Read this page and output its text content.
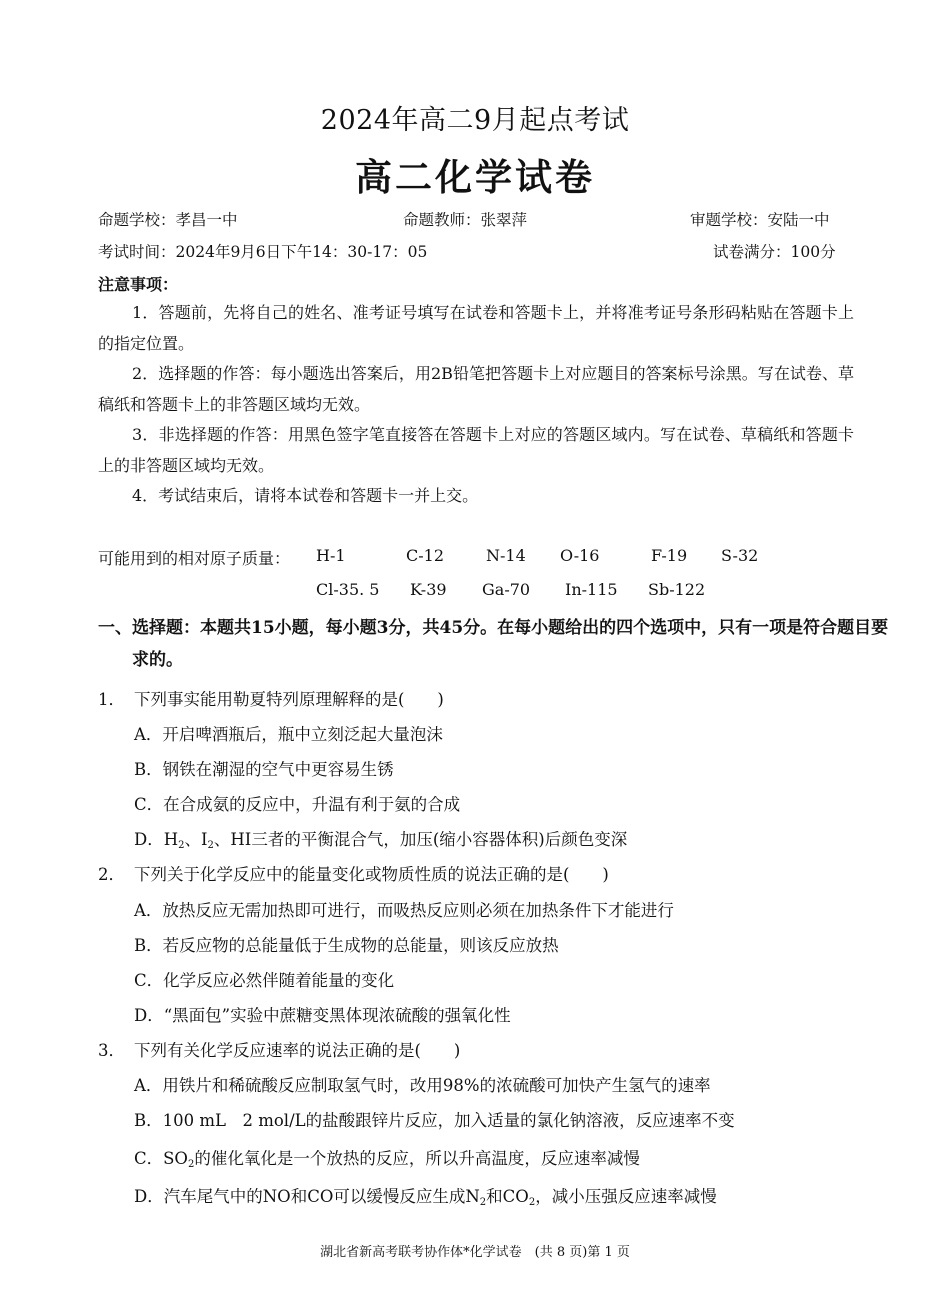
2024年高二9月起点考试
高二化学试卷
命题学校：孝昌一中	命题教师：张翠萍	审题学校：安陆一中
考试时间：2024年9月6日下午14：30-17：05	试卷满分：100分
注意事项：
1．答题前，先将自己的姓名、准考证号填写在试卷和答题卡上，并将准考证号条形码粘贴在答题卡上的指定位置。
2．选择题的作答：每小题选出答案后，用2B铅笔把答题卡上对应题目的答案标号涂黑。写在试卷、草稿纸和答题卡上的非答题区域均无效。
3．非选择题的作答：用黑色签字笔直接答在答题卡上对应的答题区域内。写在试卷、草稿纸和答题卡上的非答题区域均无效。
4．考试结束后，请将本试卷和答题卡一并上交。
可能用到的相对原子质量： H-1	C-12	N-14 O-16	F-19 S-32
Cl-35. 5 K-39 Ga-70 In-115 Sb-122
一、选择题：本题共15小题，每小题3分，共45分。在每小题给出的四个选项中，只有一项是符合题目要求的。
1． 下列事实能用勒夏特列原理解释的是(　　)
A．开启啤酒瓶后，瓶中立刻泛起大量泡沫
B．钢铁在潮湿的空气中更容易生锈
C．在合成氨的反应中，升温有利于氨的合成
D．$H_2$、$I_2$、HI三者的平衡混合气，加压(缩小容器体积)后颜色变深
2． 下列关于化学反应中的能量变化或物质性质的说法正确的是(　　)
A．放热反应无需加热即可进行，而吸热反应则必须在加热条件下才能进行
B．若反应物的总能量低于生成物的总能量，则该反应放热
C．化学反应必然伴随着能量的变化
D．“黑面包”实验中蔗糖变黑体现浓硫酸的强氧化性
3． 下列有关化学反应速率的说法正确的是(　　)
A．用铁片和稀硫酸反应制取氢气时，改用98%的浓硫酸可加快产生氢气的速率
B．100 mL　2 mol/L的盐酸跟锌片反应，加入适量的氯化钠溶液，反应速率不变
C．$SO_2$的催化氧化是一个放热的反应，所以升高温度，反应速率减慢
D．汽车尾气中的NO和CO可以缓慢反应生成$N_2$和$CO_2$，减小压强反应速率减慢
湖北省新高考联考协作体*化学试卷　(共 8 页)第 1 页
